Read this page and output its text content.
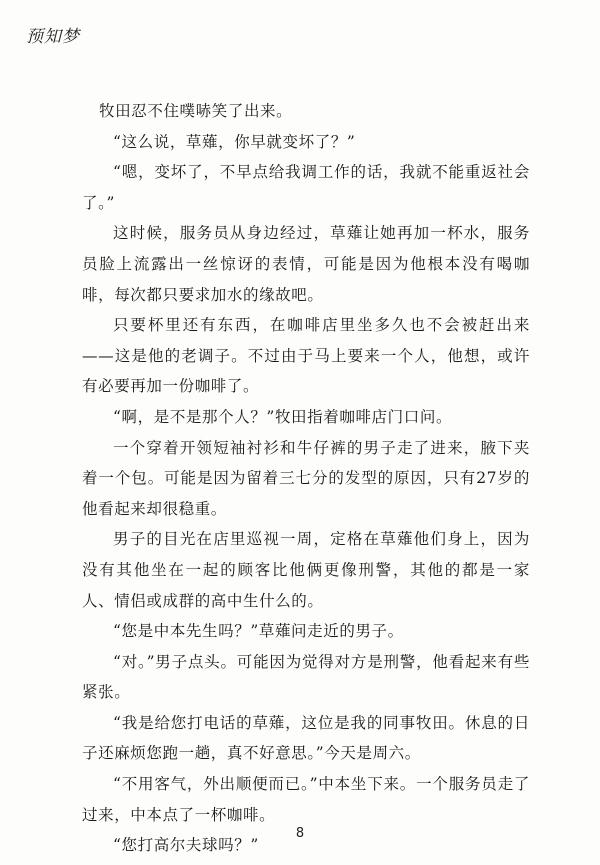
预知梦

牧田忍不住噗哧笑了出来。

“这么说，草薙，你早就变坏了？”

“嗯，变坏了，不早点给我调工作的话，我就不能重返社会了。”

这时候，服务员从身边经过，草薙让她再加一杯水，服务员脸上流露出一丝惊讶的表情，可能是因为他根本没有喝咖啡，每次都只要求加水的缘故吧。

只要杯里还有东西，在咖啡店里坐多久也不会被赶出来——这是他的老调子。不过由于马上要来一个人，他想，或许有必要再加一份咖啡了。

“啊，是不是那个人？”牧田指着咖啡店门口问。

一个穿着开领短袖衬衫和牛仔裤的男子走了进来，腋下夹着一个包。可能是因为留着三七分的发型的原因，只有27岁的他看起来却很稳重。

男子的目光在店里巡视一周，定格在草薙他们身上，因为没有其他坐在一起的顾客比他俩更像刑警，其他的都是一家人、情侣或成群的高中生什么的。

“您是中本先生吗？”草薙问走近的男子。

“对。”男子点头。可能因为觉得对方是刑警，他看起来有些紧张。

“我是给您打电话的草薙，这位是我的同事牧田。休息的日子还麻烦您跑一趟，真不好意思。”今天是周六。

“不用客气，外出顺便而已。”中本坐下来。一个服务员走了过来，中本点了一杯咖啡。

“您打高尔夫球吗？”

8
